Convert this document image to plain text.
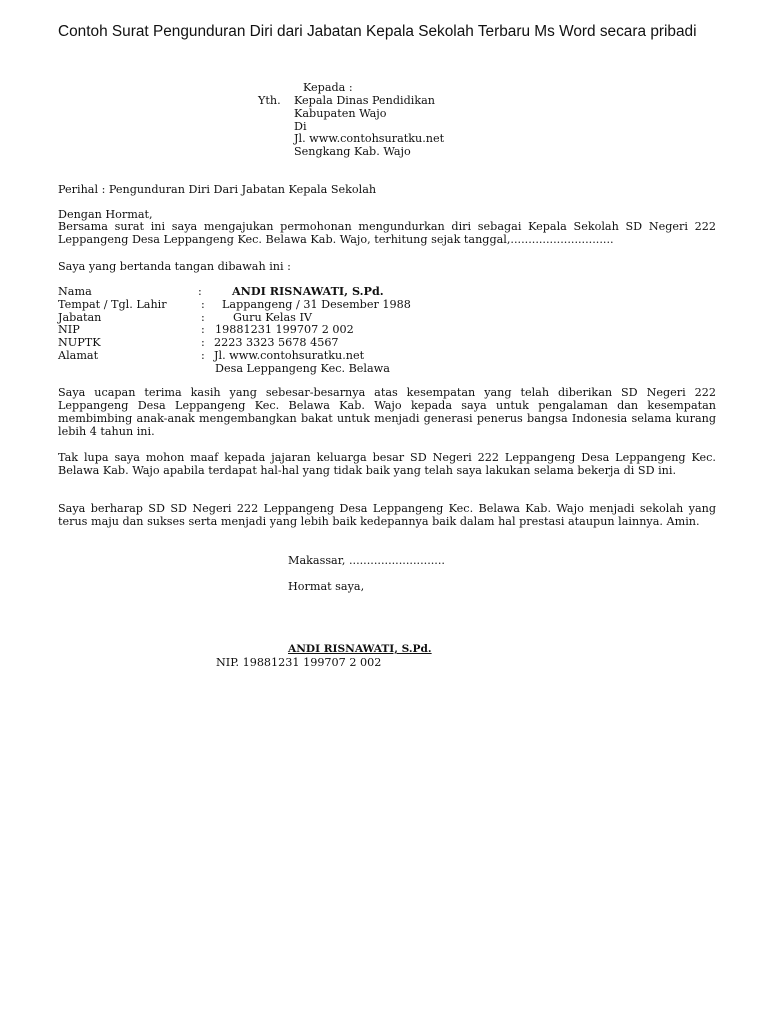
Contoh Surat Pengunduran Diri dari Jabatan Kepala Sekolah Terbaru Ms Word secara pribadi
Kepada :
Yth. Kepala Dinas Pendidikan
Kabupaten Wajo
Di
Jl. www.contohsuratku.net
Sengkang Kab. Wajo
Perihal : Pengunduran Diri Dari Jabatan Kepala Sekolah
Dengan Hormat,
Bersama surat ini saya mengajukan permohonan mengundurkan diri sebagai Kepala Sekolah SD Negeri 222 Leppangeng Desa Leppangeng Kec. Belawa Kab. Wajo, terhitung sejak tanggal,.............................
Saya yang bertanda tangan dibawah ini :
Nama	:	ANDI RISNAWATI, S.Pd.
Tempat / Tgl. Lahir	: Lappangeng / 31 Desember 1988
Jabatan	:	Guru Kelas IV
NIP	: 19881231 199707 2 002
NUPTK	: 2223 3323 5678 4567
Alamat	: Jl. www.contohsuratku.net
Desa Leppangeng Kec. Belawa
Saya ucapan terima kasih yang sebesar-besarnya atas kesempatan yang telah diberikan SD Negeri 222 Leppangeng Desa Leppangeng Kec. Belawa Kab. Wajo kepada saya untuk pengalaman dan kesempatan membimbing anak-anak mengembangkan bakat untuk menjadi generasi penerus bangsa Indonesia selama kurang lebih 4 tahun ini.
Tak lupa saya mohon maaf kepada jajaran keluarga besar SD Negeri 222 Leppangeng Desa Leppangeng Kec. Belawa Kab. Wajo apabila terdapat hal-hal yang tidak baik yang telah saya lakukan selama bekerja di SD ini.
Saya berharap SD SD Negeri 222 Leppangeng Desa Leppangeng Kec. Belawa Kab. Wajo menjadi sekolah yang terus maju dan sukses serta menjadi yang lebih baik kedepannya baik dalam hal prestasi ataupun lainnya. Amin.
Makassar, ...........................
Hormat saya,
ANDI RISNAWATI, S.Pd.
NIP. 19881231 199707 2 002
